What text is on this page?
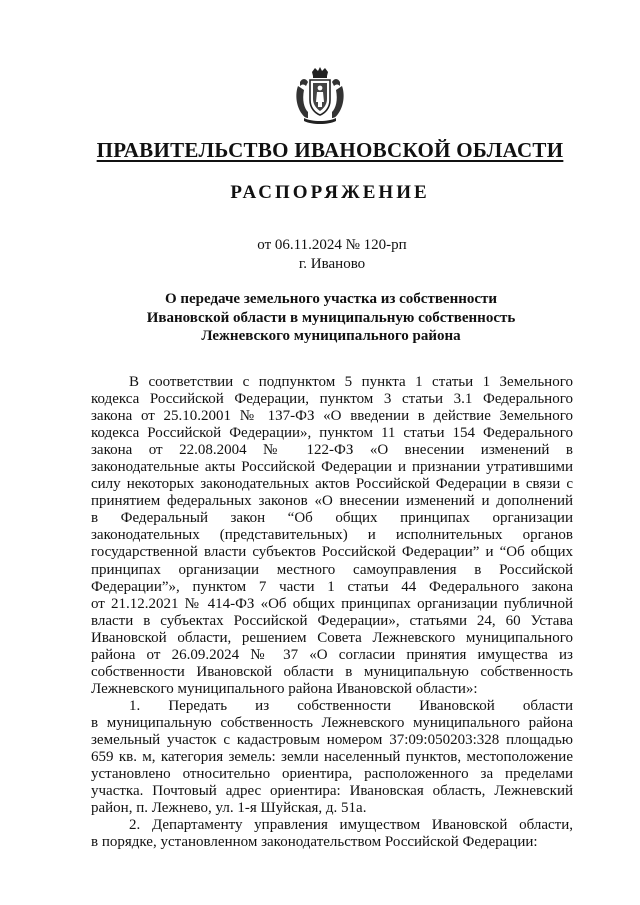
ПРАВИТЕЛЬСТВО ИВАНОВСКОЙ ОБЛАСТИ
РАСПОРЯЖЕНИЕ
от 06.11.2024 № 120-рп
г. Иваново
О передаче земельного участка из собственности
Ивановской области в муниципальную собственность
Лежневского муниципального района
В соответствии с подпунктом 5 пункта 1 статьи 1 Земельного
кодекса Российской Федерации, пунктом 3 статьи 3.1 Федерального
закона от 25.10.2001 № 137-ФЗ «О введении в действие Земельного
кодекса Российской Федерации», пунктом 11 статьи 154 Федерального
закона от 22.08.2004 № 122-ФЗ «О внесении изменений в
законодательные акты Российской Федерации и признании утратившими
силу некоторых законодательных актов Российской Федерации в связи с
принятием федеральных законов «О внесении изменений и дополнений
в Федеральный закон “Об общих принципах организации
законодательных (представительных) и исполнительных органов
государственной власти субъектов Российской Федерации” и “Об общих
принципах организации местного самоуправления в Российской
Федерации”», пунктом 7 части 1 статьи 44 Федерального закона
от 21.12.2021 № 414-ФЗ «Об общих принципах организации публичной
власти в субъектах Российской Федерации», статьями 24, 60 Устава
Ивановской области, решением Совета Лежневского муниципального
района от 26.09.2024 № 37 «О согласии принятия имущества из
собственности Ивановской области в муниципальную собственность
Лежневского муниципального района Ивановской области»:
1. Передать из собственности Ивановской области
в муниципальную собственность Лежневского муниципального района
земельный участок с кадастровым номером 37:09:050203:328 площадью
659 кв. м, категория земель: земли населенный пунктов, местоположение
установлено относительно ориентира, расположенного за пределами
участка. Почтовый адрес ориентира: Ивановская область, Лежневский
район, п. Лежнево, ул. 1-я Шуйская, д. 51а.
2. Департаменту управления имуществом Ивановской области,
в порядке, установленном законодательством Российской Федерации:
